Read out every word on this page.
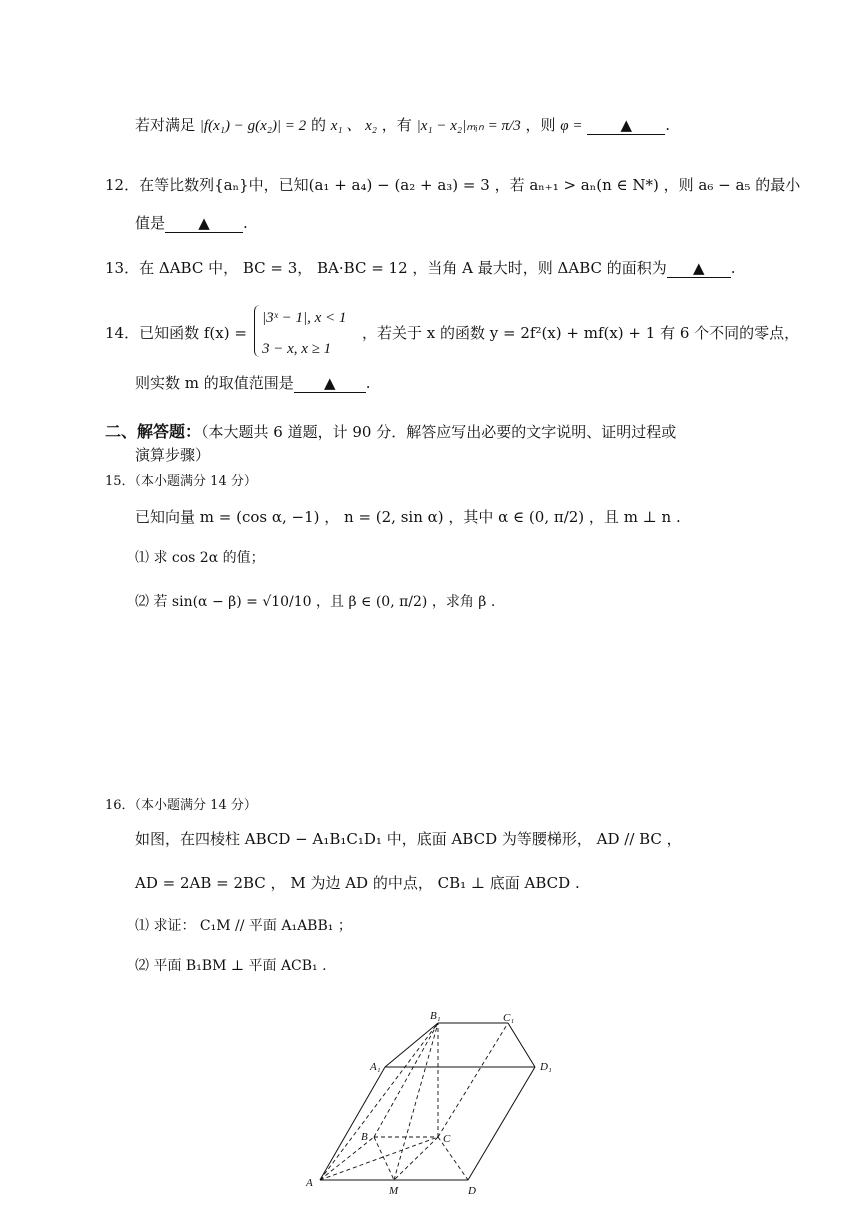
若对满足 |f(x₁) − g(x₂)| = 2 的 x₁ 、 x₂ ，有 |x₁ − x₂|ₘᵢₙ = π/3 ，则 φ =	▲ .
12．在等比数列{aₙ}中，已知(a₁ + a₄) − (a₂ + a₃) = 3 ，若 aₙ₊₁ > aₙ(n ∈ N*) ，则 a₆ − a₅ 的最小
值是 ▲ .
13．在 ΔABC 中， BC = 3， BA·BC = 12 ，当角 A 最大时，则 ΔABC 的面积为 ▲ .
14．已知函数 f(x) =
|3ˣ − 1|, x < 1
3 − x, x ≥ 1
，若关于 x 的函数 y = 2f²(x) + mf(x) + 1 有 6 个不同的零点，
则实数 m 的取值范围是 ▲ .
二、解答题：（本大题共 6 道题，计 90 分．解答应写出必要的文字说明、证明过程或
演算步骤）
15．（本小题满分 14 分）
已知向量 m = (cos α, −1) ， n = (2, sin α) ，其中 α ∈ (0, π/2) ，且 m ⊥ n .
⑴ 求 cos 2α 的值；
⑵ 若 sin(α − β) = √10/10 ，且 β ∈ (0, π/2) ，求角 β .
16．（本小题满分 14 分）
如图，在四棱柱 ABCD − A₁B₁C₁D₁ 中，底面 ABCD 为等腰梯形， AD // BC ，
AD = 2AB = 2BC ， M 为边 AD 的中点， CB₁ ⊥ 底面 ABCD .
⑴ 求证： C₁M // 平面 A₁ABB₁ ；
⑵ 平面 B₁BM ⊥ 平面 ACB₁ .
B₁	C₁
A₁	D₁
B	C
A
M	D
